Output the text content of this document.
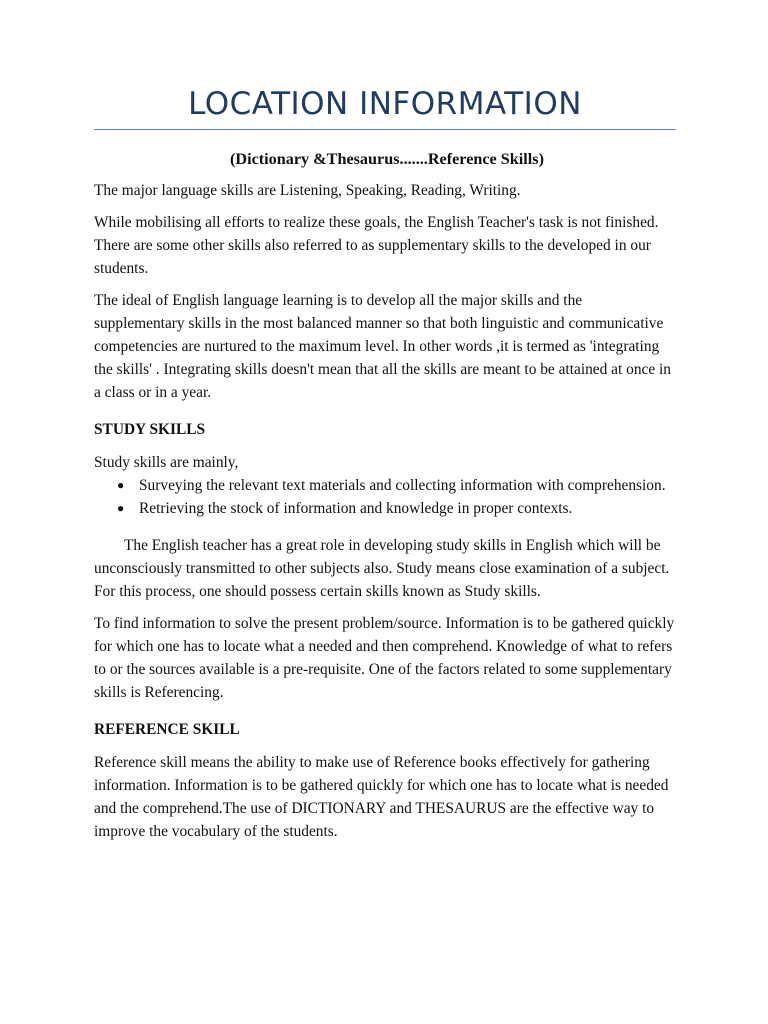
LOCATION INFORMATION
(Dictionary &Thesaurus.......Reference Skills)

The major language skills are Listening, Speaking, Reading, Writing.

While mobilising all efforts to realize these goals, the English Teacher's task is not finished. There are some other skills also referred to as supplementary skills to the developed in our students.

The ideal of English language learning is to develop all the major skills and the supplementary skills in the most balanced manner so that both linguistic and communicative competencies are nurtured to the maximum level. In other words ,it is termed as 'integrating the skills' . Integrating skills doesn't mean that all the skills are meant to be attained at once in a class or in a year.

STUDY SKILLS

Study skills are mainly,

● Surveying the relevant text materials and collecting information with comprehension.
● Retrieving the stock of information and knowledge in proper contexts.

The English teacher has a great role in developing study skills in English which will be unconsciously transmitted to other subjects also. Study means close examination of a subject. For this process, one should possess certain skills known as Study skills.

To find information to solve the present problem/source. Information is to be gathered quickly for which one has to locate what a needed and then comprehend. Knowledge of what to refers to or the sources available is a pre-requisite. One of the factors related to some supplementary skills is Referencing.

REFERENCE SKILL

Reference skill means the ability to make use of Reference books effectively for gathering information. Information is to be gathered quickly for which one has to locate what is needed and the comprehend.The use of DICTIONARY and THESAURUS are the effective way to improve the vocabulary of the students.
